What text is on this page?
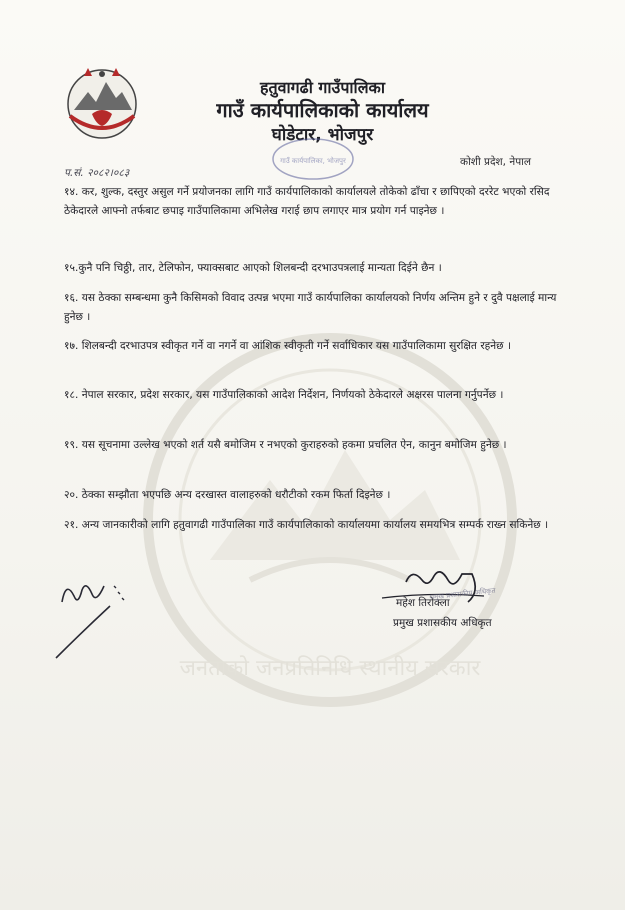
जनताको जनप्रतिनिधि स्थानीय सरकार
हतुवागढी गाउँपालिका
गाउँ कार्यपालिकाको कार्यालय
घोडेटार, भोजपुर
गाउँ कार्यपालिका, भोजपुर
प.सं. २०८२।०८३
कोशी प्रदेश, नेपाल

१४. कर, शुल्क, दस्तुर असुल गर्ने प्रयोजनका लागि गाउँ कार्यपालिकाको कार्यालयले तोकेको ढाँचा र छापिएको दररेट भएको रसिद ठेकेदारले आफ्नो तर्फबाट छपाइ गाउँपालिकामा अभिलेख गराई छाप लगाएर मात्र प्रयोग गर्न पाइनेछ ।

१५.कुनै पनि चिठ्ठी, तार, टेलिफोन, फ्याक्सबाट आएको शिलबन्दी दरभाउपत्रलाई मान्यता दिईने छैन ।

१६. यस ठेक्का सम्बन्धमा कुनै किसिमको विवाद उत्पन्न भएमा गाउँ कार्यपालिका कार्यालयको निर्णय अन्तिम हुने र दुवै पक्षलाई मान्य हुनेछ ।

१७. शिलबन्दी दरभाउपत्र स्वीकृत गर्ने वा नगर्ने वा आंशिक स्वीकृती गर्ने सर्वाधिकार यस गाउँपालिकामा सुरक्षित रहनेछ ।

१८. नेपाल सरकार, प्रदेश सरकार, यस गाउँपालिकाको आदेश निर्देशन, निर्णयको ठेकेदारले अक्षरस पालना गर्नुपर्नेछ ।

१९. यस सूचनामा उल्लेख भएको शर्त यसै बमोजिम र नभएको कुराहरुको हकमा प्रचलित ऐन, कानुन बमोजिम हुनेछ ।

२०. ठेक्का सम्झौता भएपछि अन्य दरखास्त वालाहरुको धरौटीको रकम फिर्ता दिइनेछ ।

२१. अन्य जानकारीको लागि हतुवागढी गाउँपालिका गाउँ कार्यपालिकाको कार्यालयमा कार्यालय समयभित्र सम्पर्क राख्न सकिनेछ ।

महेश तिरोक्ला
प्रमुख प्रशासकीय अधिकृत
प्रमुख प्रशासकीय अधिकृत
